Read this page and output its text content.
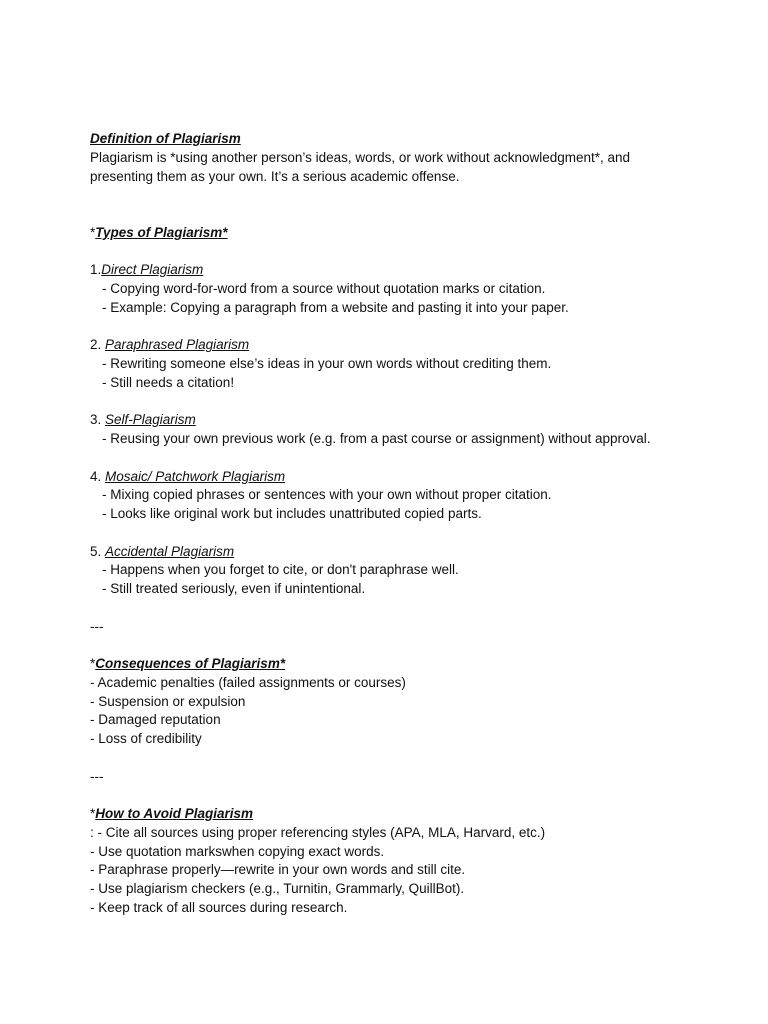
Definition of Plagiarism
Plagiarism is *using another person’s ideas, words, or work without acknowledgment*, and
presenting them as your own. It’s a serious academic offense.
*Types of Plagiarism*
1.Direct Plagiarism
- Copying word-for-word from a source without quotation marks or citation.
- Example: Copying a paragraph from a website and pasting it into your paper.
2. Paraphrased Plagiarism
- Rewriting someone else’s ideas in your own words without crediting them.
- Still needs a citation!
3. Self-Plagiarism
- Reusing your own previous work (e.g. from a past course or assignment) without approval.
4. Mosaic/ Patchwork Plagiarism
- Mixing copied phrases or sentences with your own without proper citation.
- Looks like original work but includes unattributed copied parts.
5. Accidental Plagiarism
- Happens when you forget to cite, or don't paraphrase well.
- Still treated seriously, even if unintentional.
---
*Consequences of Plagiarism*
- Academic penalties (failed assignments or courses)
- Suspension or expulsion
- Damaged reputation
- Loss of credibility
---
*How to Avoid Plagiarism
: - Cite all sources using proper referencing styles (APA, MLA, Harvard, etc.)
- Use quotation markswhen copying exact words.
- Paraphrase properly—rewrite in your own words and still cite.
- Use plagiarism checkers (e.g., Turnitin, Grammarly, QuillBot).
- Keep track of all sources during research.
